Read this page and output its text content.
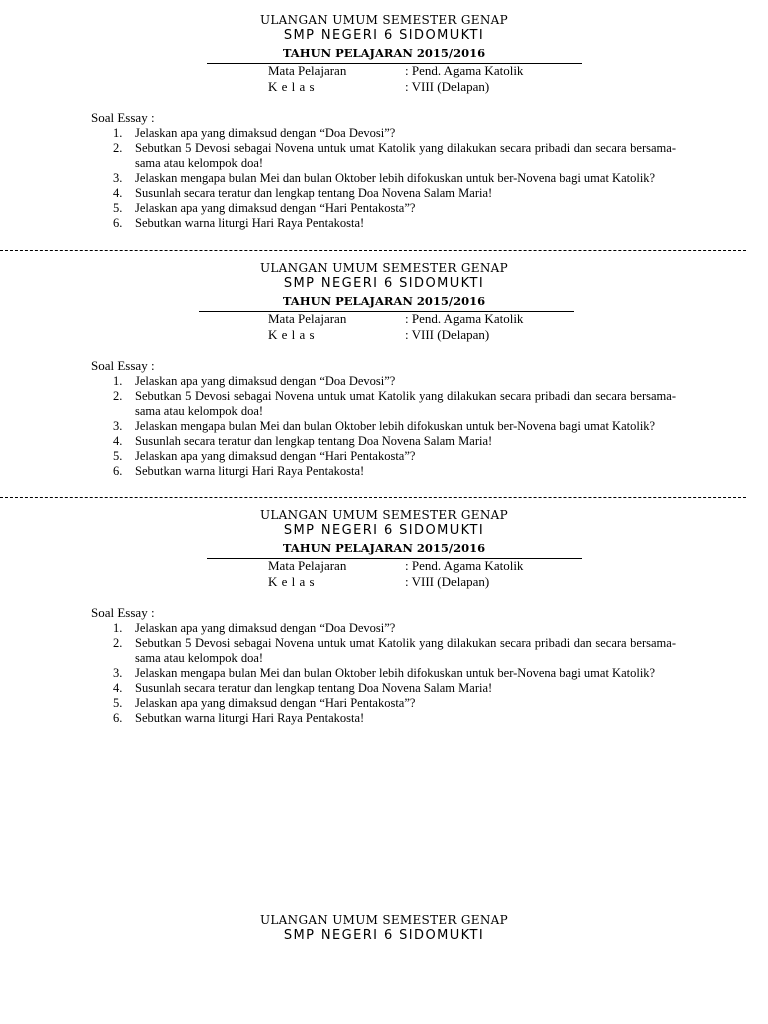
ULANGAN UMUM SEMESTER GENAP
SMP NEGERI 6 SIDOMUKTI
TAHUN PELAJARAN 2015/2016
Mata Pelajaran	: Pend. Agama Katolik
K e l a s	: VIII (Delapan)
Soal Essay :
1.	Jelaskan apa yang dimaksud dengan “Doa Devosi”?
2.	Sebutkan 5 Devosi sebagai Novena untuk umat Katolik yang dilakukan secara pribadi dan secara bersama-sama atau kelompok doa!
3.	Jelaskan mengapa bulan Mei dan bulan Oktober lebih difokuskan untuk ber-Novena bagi umat Katolik?
4.	Susunlah secara teratur dan lengkap tentang Doa Novena Salam Maria!
5.	Jelaskan apa yang dimaksud dengan “Hari Pentakosta”?
6.	Sebutkan warna liturgi Hari Raya Pentakosta!
ULANGAN UMUM SEMESTER GENAP
SMP NEGERI 6 SIDOMUKTI
TAHUN PELAJARAN 2015/2016
Mata Pelajaran	: Pend. Agama Katolik
K e l a s	: VIII (Delapan)
Soal Essay :
1.	Jelaskan apa yang dimaksud dengan “Doa Devosi”?
2.	Sebutkan 5 Devosi sebagai Novena untuk umat Katolik yang dilakukan secara pribadi dan secara bersama-sama atau kelompok doa!
3.	Jelaskan mengapa bulan Mei dan bulan Oktober lebih difokuskan untuk ber-Novena bagi umat Katolik?
4.	Susunlah secara teratur dan lengkap tentang Doa Novena Salam Maria!
5.	Jelaskan apa yang dimaksud dengan “Hari Pentakosta”?
6.	Sebutkan warna liturgi Hari Raya Pentakosta!
ULANGAN UMUM SEMESTER GENAP
SMP NEGERI 6 SIDOMUKTI
TAHUN PELAJARAN 2015/2016
Mata Pelajaran	: Pend. Agama Katolik
K e l a s	: VIII (Delapan)
Soal Essay :
1.	Jelaskan apa yang dimaksud dengan “Doa Devosi”?
2.	Sebutkan 5 Devosi sebagai Novena untuk umat Katolik yang dilakukan secara pribadi dan secara bersama-sama atau kelompok doa!
3.	Jelaskan mengapa bulan Mei dan bulan Oktober lebih difokuskan untuk ber-Novena bagi umat Katolik?
4.	Susunlah secara teratur dan lengkap tentang Doa Novena Salam Maria!
5.	Jelaskan apa yang dimaksud dengan “Hari Pentakosta”?
6.	Sebutkan warna liturgi Hari Raya Pentakosta!
ULANGAN UMUM SEMESTER GENAP
SMP NEGERI 6 SIDOMUKTI
